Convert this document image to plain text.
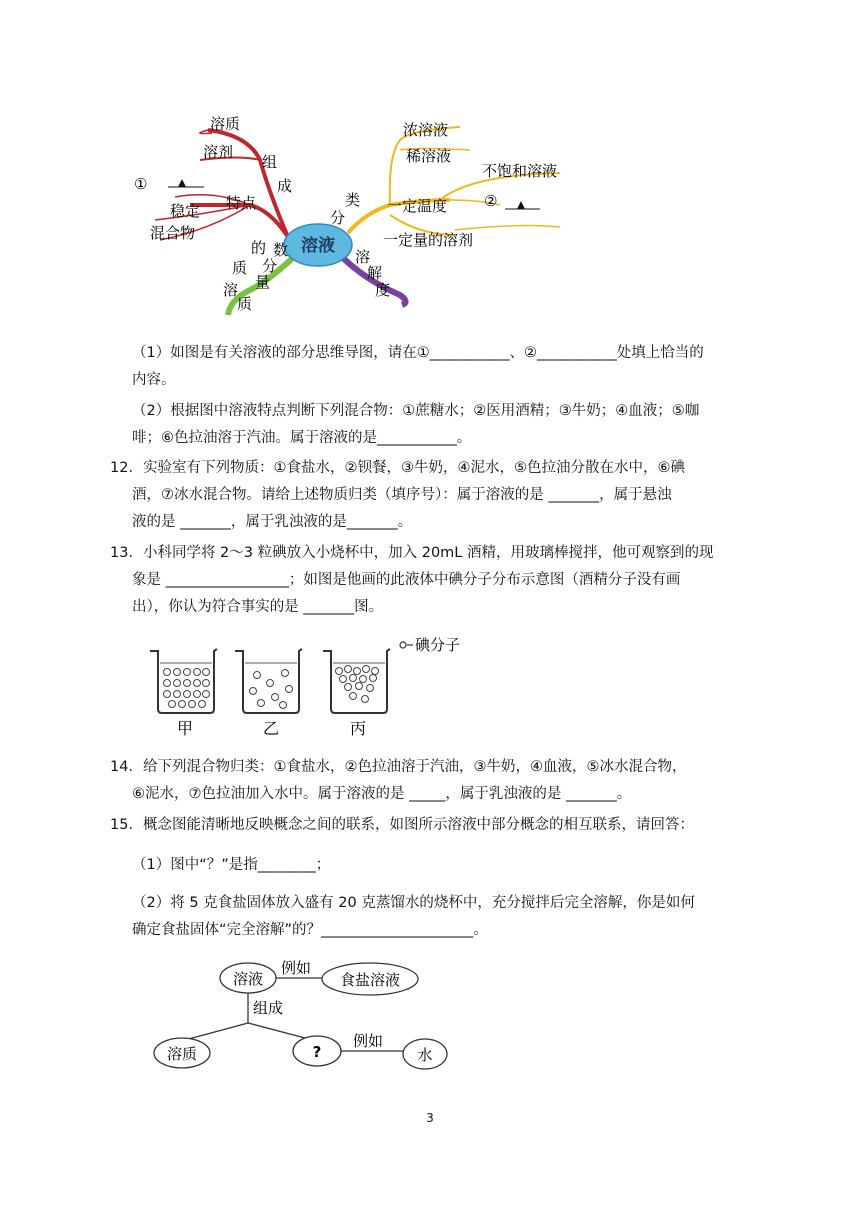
溶液
溶质
溶剂
组
成
①
特点
稳定
混合物
类
分
浓溶液
稀溶液
不饱和溶液
一定温度 ②
一定量的溶剂
溶
解
度
的 数
分
量
质
溶
质

（1）如图是有关溶液的部分思维导图，请在①___________、②___________处填上恰当的
内容。

（2）根据图中溶液特点判断下列混合物：①蔗糖水；②医用酒精；③牛奶；④血液；⑤咖
啡；⑥色拉油溶于汽油。属于溶液的是___________。

12．实验室有下列物质：①食盐水，②钡餐，③牛奶，④泥水，⑤色拉油分散在水中，⑥碘
酒，⑦冰水混合物。请给上述物质归类（填序号）：属于溶液的是 _______，属于悬浊
液的是 _______，属于乳浊液的是_______。

13．小科同学将 2～3 粒碘放入小烧杯中，加入 20mL 酒精，用玻璃棒搅拌，他可观察到的现
象是 _________________；如图是他画的此液体中碘分子分布示意图（酒精分子没有画
出），你认为符合事实的是 _______图。

碘分子
甲	乙	丙

14．给下列混合物归类：①食盐水，②色拉油溶于汽油，③牛奶，④血液，⑤冰水混合物，
⑥泥水，⑦色拉油加入水中。属于溶液的是 _____，属于乳浊液的是 _______。

15．概念图能清晰地反映概念之间的联系，如图所示溶液中部分概念的相互联系，请回答：

（1）图中“？”是指________；

（2）将 5 克食盐固体放入盛有 20 克蒸馏水的烧杯中，充分搅拌后完全溶解，你是如何
确定食盐固体“完全溶解”的？_____________________。

溶液
例如
食盐溶液
组成
溶质	?
例如
水
3
